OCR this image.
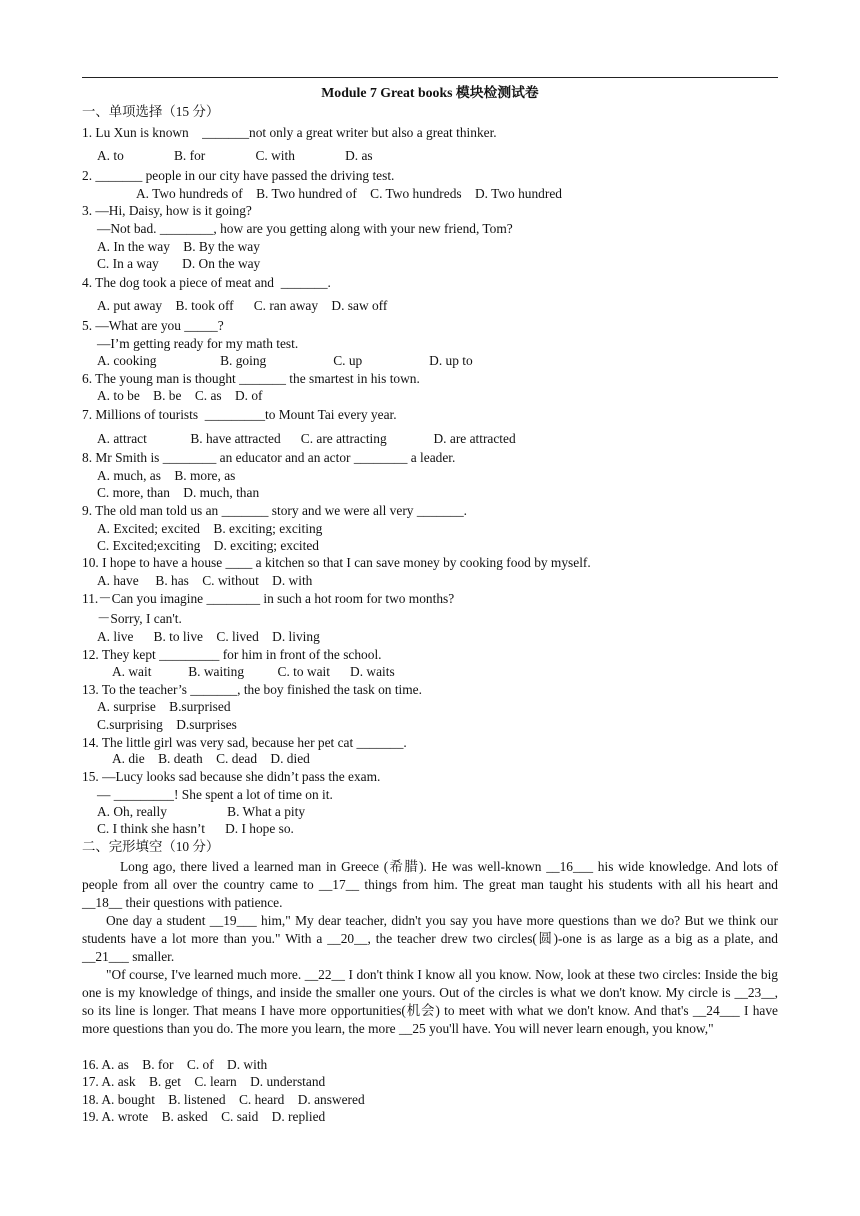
Module 7 Great books 模块检测试卷
一、单项选择（15 分）
1. Lu Xun is known    _______not only a great writer but also a great thinker.
A. to               B. for               C. with               D. as
2. _______ people in our city have passed the driving test.
A. Two hundreds of    B. Two hundred of    C. Two hundreds    D. Two hundred
3. —Hi, Daisy, how is it going?
—Not bad. ________, how are you getting along with your new friend, Tom?
A. In the way    B. By the way
C. In a way       D. On the way
4. The dog took a piece of meat and  _______.
A. put away    B. took off      C. ran away    D. saw off
5. —What are you _____?
—I’m getting ready for my math test.
A. cooking                   B. going                    C. up                    D. up to
6. The young man is thought _______ the smartest in his town.
A. to be    B. be    C. as    D. of
7. Millions of tourists  _________to Mount Tai every year.
A. attract             B. have attracted      C. are attracting              D. are attracted
8. Mr Smith is ________ an educator and an actor ________ a leader.
A. much, as    B. more, as
C. more, than    D. much, than
9. The old man told us an _______ story and we were all very _______.
A. Excited; excited    B. exciting; exciting
C. Excited;exciting    D. exciting; excited
10. I hope to have a house ____ a kitchen so that I can save money by cooking food by myself.
A. have     B. has    C. without    D. with
11.－Can you imagine ________ in such a hot room for two months?
－Sorry, I can't.
A. live      B. to live    C. lived    D. living
12. They kept _________ for him in front of the school.
A. wait           B. waiting          C. to wait      D. waits
13. To the teacher’s _______, the boy finished the task on time.
A. surprise    B.surprised
C.surprising    D.surprises
14. The little girl was very sad, because her pet cat _______.
A. die    B. death    C. dead    D. died
15. —Lucy looks sad because she didn’t pass the exam.
— _________! She spent a lot of time on it.
A. Oh, really                  B. What a pity
C. I think she hasn’t      D. I hope so.
二、完形填空（10 分）

Long ago, there lived a learned man in Greece (希腊). He was well-known __16___ his wide knowledge. And lots of people from all over the country came to __17__ things from him. The great man taught his students with all his heart and __18__ their questions with patience.

One day a student __19___ him," My dear teacher, didn't you say you have more questions than we do? But we think our students have a lot more than you." With a __20__, the teacher drew two circles(圆)-one is as large as a big as a plate, and __21___ smaller.

"Of course, I've learned much more. __22__ I don't think I know all you know. Now, look at these two circles: Inside the big one is my knowledge of things, and inside the smaller one yours. Out of the circles is what we don't know. My circle is __23__, so its line is longer. That means I have more opportunities(机会) to meet with what we don't know. And that's __24___ I have more questions than you do. The more you learn, the more __25 you'll have. You will never learn enough, you know,"

16. A. as    B. for    C. of    D. with
17. A. ask    B. get    C. learn    D. understand
18. A. bought    B. listened    C. heard    D. answered
19. A. wrote    B. asked    C. said    D. replied
